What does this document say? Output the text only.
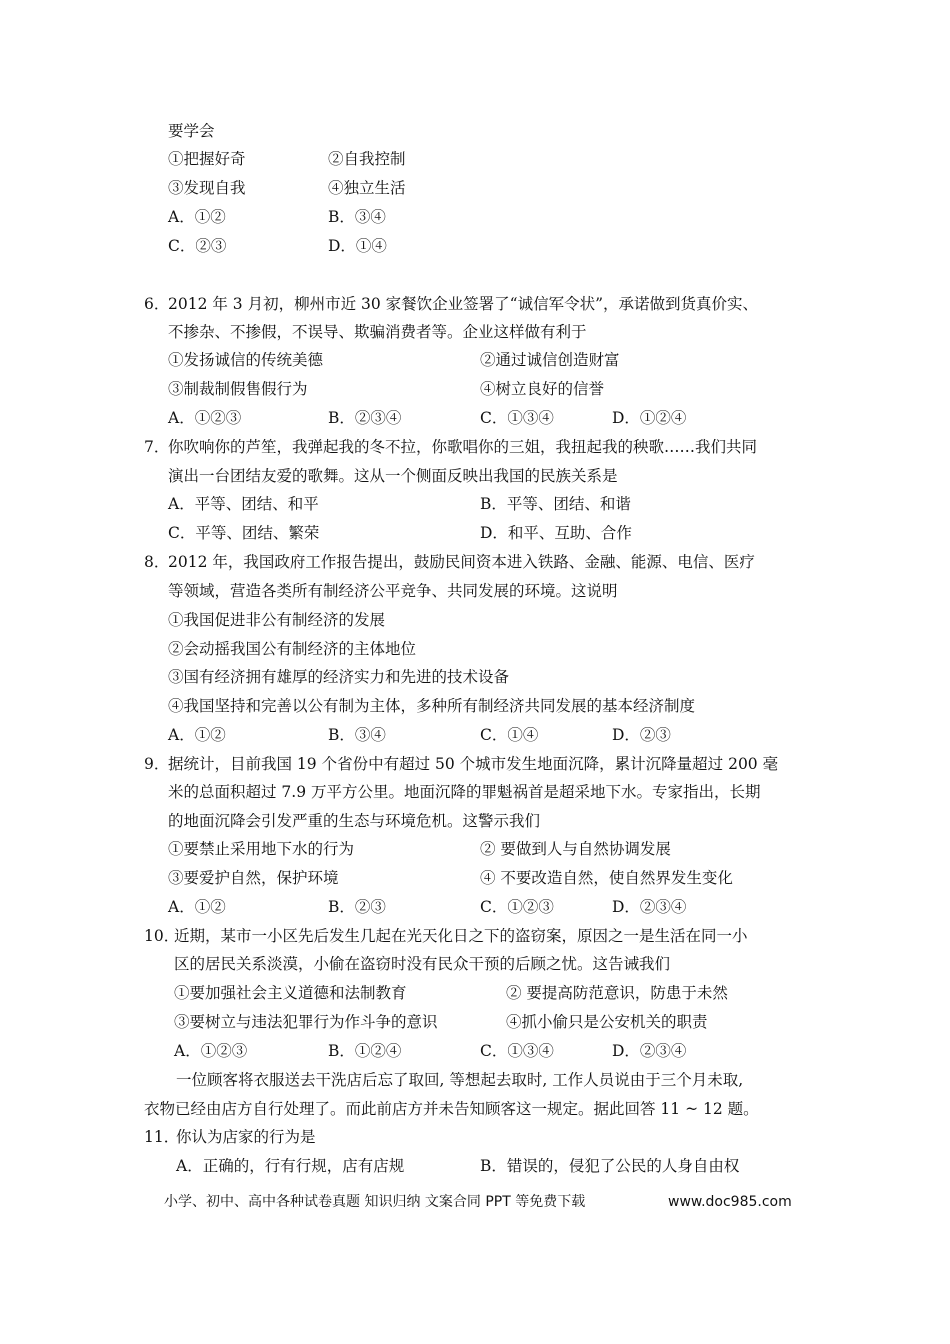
要学会
①把握好奇	②自我控制
③发现自我	④独立生活
A．①②	B．③④
C．②③	D．①④
6．
2012 年 3 月初，柳州市近 30 家餐饮企业签署了“诚信军令状”，承诺做到货真价实、
不掺杂、不掺假，不误导、欺骗消费者等。企业这样做有利于
①发扬诚信的传统美德	②通过诚信创造财富
③制裁制假售假行为	④树立良好的信誉
A．①②③	B．②③④	C．①③④	D．①②④
7．
你吹响你的芦笙，我弹起我的冬不拉，你歌唱你的三姐，我扭起我的秧歌……我们共同
演出一台团结友爱的歌舞。这从一个侧面反映出我国的民族关系是
A．平等、团结、和平	B．平等、团结、和谐
C．平等、团结、繁荣	D．和平、互助、合作
8．
2012 年，我国政府工作报告提出，鼓励民间资本进入铁路、金融、能源、电信、医疗
等领域，营造各类所有制经济公平竞争、共同发展的环境。这说明
①我国促进非公有制经济的发展
②会动摇我国公有制经济的主体地位
③国有经济拥有雄厚的经济实力和先进的技术设备
④我国坚持和完善以公有制为主体，多种所有制经济共同发展的基本经济制度
A．①②	B．③④	C．①④	D．②③
9．
据统计，目前我国 19 个省份中有超过 50 个城市发生地面沉降，累计沉降量超过 200 毫
米的总面积超过 7.9 万平方公里。地面沉降的罪魁祸首是超采地下水。专家指出，长期
的地面沉降会引发严重的生态与环境危机。这警示我们
①要禁止采用地下水的行为	② 要做到人与自然协调发展
③要爱护自然，保护环境	④ 不要改造自然，使自然界发生变化
A．①②	B．②③	C．①②③	D．②③④
10．
近期，某市一小区先后发生几起在光天化日之下的盗窃案，原因之一是生活在同一小
区的居民关系淡漠，小偷在盗窃时没有民众干预的后顾之忧。这告诫我们
①要加强社会主义道德和法制教育	② 要提高防范意识，防患于未然
③要树立与违法犯罪行为作斗争的意识	④抓小偷只是公安机关的职责
A．①②③	B．①②④	C．①③④	D．②③④
一位顾客将衣服送去干洗店后忘了取回, 等想起去取时, 工作人员说由于三个月未取,
衣物已经由店方自行处理了。而此前店方并未告知顾客这一规定。据此回答 11 ~ 12 题。
11．
你认为店家的行为是
A．正确的，行有行规，店有店规	B．错误的，侵犯了公民的人身自由权
小学、初中、高中各种试卷真题 知识归纳 文案合同 PPT 等免费下载	www.doc985.com
